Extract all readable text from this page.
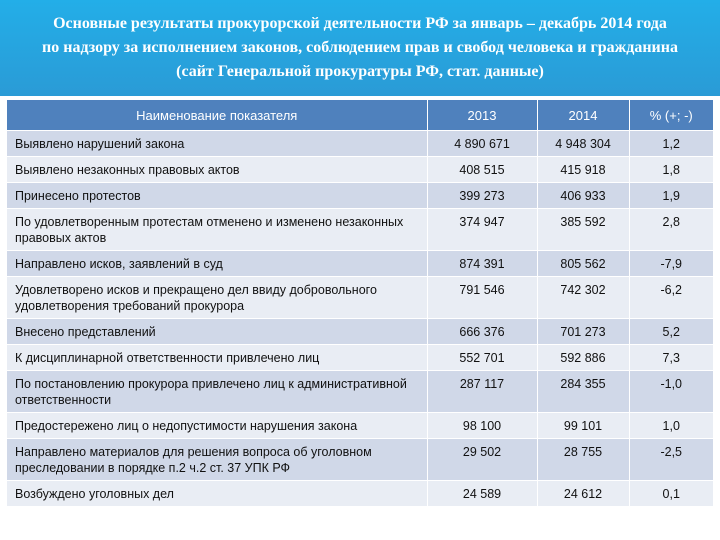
Основные результаты прокурорской деятельности РФ за январь – декабрь 2014 года
по надзору за исполнением законов, соблюдением прав и свобод человека и гражданина
(сайт Генеральной прокуратуры РФ, стат. данные)
Наименование показателя	2013	2014	% (+; -)
Выявлено нарушений закона	4 890 671	4 948 304	1,2
Выявлено незаконных правовых актов	408 515	415 918	1,8
Принесено протестов	399 273	406 933	1,9
По удовлетворенным протестам отменено и изменено незаконных правовых актов	374 947	385 592	2,8
Направлено исков, заявлений в суд	874 391	805 562	-7,9
Удовлетворено исков и прекращено дел ввиду добровольного удовлетворения требований прокурора	791 546	742 302	-6,2
Внесено представлений	666 376	701 273	5,2
К дисциплинарной ответственности привлечено лиц	552 701	592 886	7,3
По постановлению прокурора привлечено лиц к административной ответственности	287 117	284 355	-1,0
Предостережено лиц о недопустимости нарушения закона	98 100	99 101	1,0
Направлено материалов для решения вопроса об уголовном преследовании в порядке п.2 ч.2 ст. 37 УПК РФ	29 502	28 755	-2,5
Возбуждено уголовных дел	24 589	24 612	0,1
